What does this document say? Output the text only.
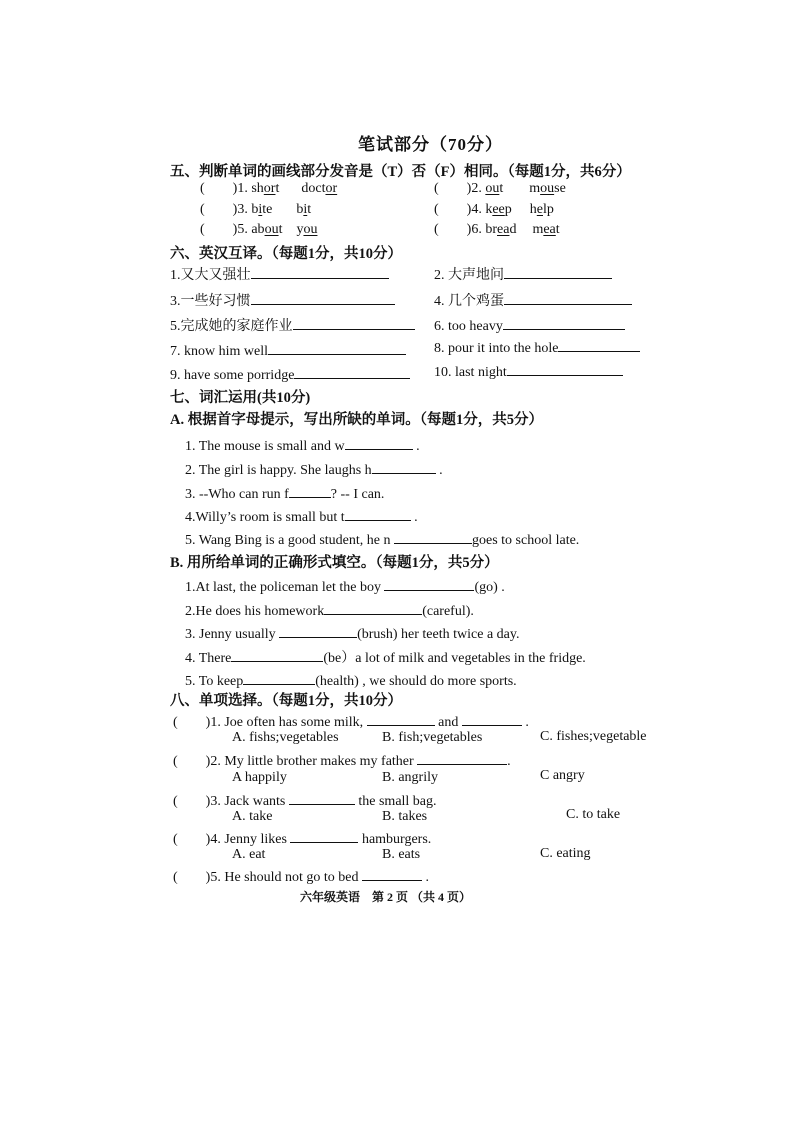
笔试部分（70分）
五、判断单词的画线部分发音是（T）否（F）相同。（每题1分，共6分）
( )1. short doctor	( )2. out mouse
( )3. bite bit	( )4. keep help
( )5. about you	( )6. bread meat
六、英汉互译。（每题1分，共10分）
1.又大又强壮	2. 大声地问
3.一些好习惯	4. 几个鸡蛋
5.完成她的家庭作业	6. too heavy
7. know him well	8. pour it into the hole
9. have some porridge	10. last night
七、词汇运用(共10分)
A. 根据首字母提示，写出所缺的单词。（每题1分，共5分）
1. The mouse is small and w	.
2. The girl is happy. She laughs h	.
3. --Who can run f	? -- I can.
4.Willy’s room is small but t	.
5. Wang Bing is a good student, he n	goes to school late.
B. 用所给单词的正确形式填空。（每题1分，共5分）
1.At last, the policeman let the boy	(go) .
2.He does his homework	(careful).
3. Jenny usually	(brush) her teeth twice a day.
4. There	(be）a lot of milk and vegetables in the fridge.
5. To keep	(health) , we should do more sports.
八、单项选择。（每题1分，共10分）
( )1. Joe often has some milk,	and	.
A. fishs;vegetables	B. fish;vegetables	C. fishes;vegetable
( )2. My little brother makes my father	.
A happily	B. angrily	C angry
( )3. Jack wants	the small bag.
A. take	B. takes	C. to take
( )4. Jenny likes	hamburgers.
A. eat	B. eats	C. eating
( )5. He should not go to bed	.
六年级英语    第 2 页 （共 4 页）
